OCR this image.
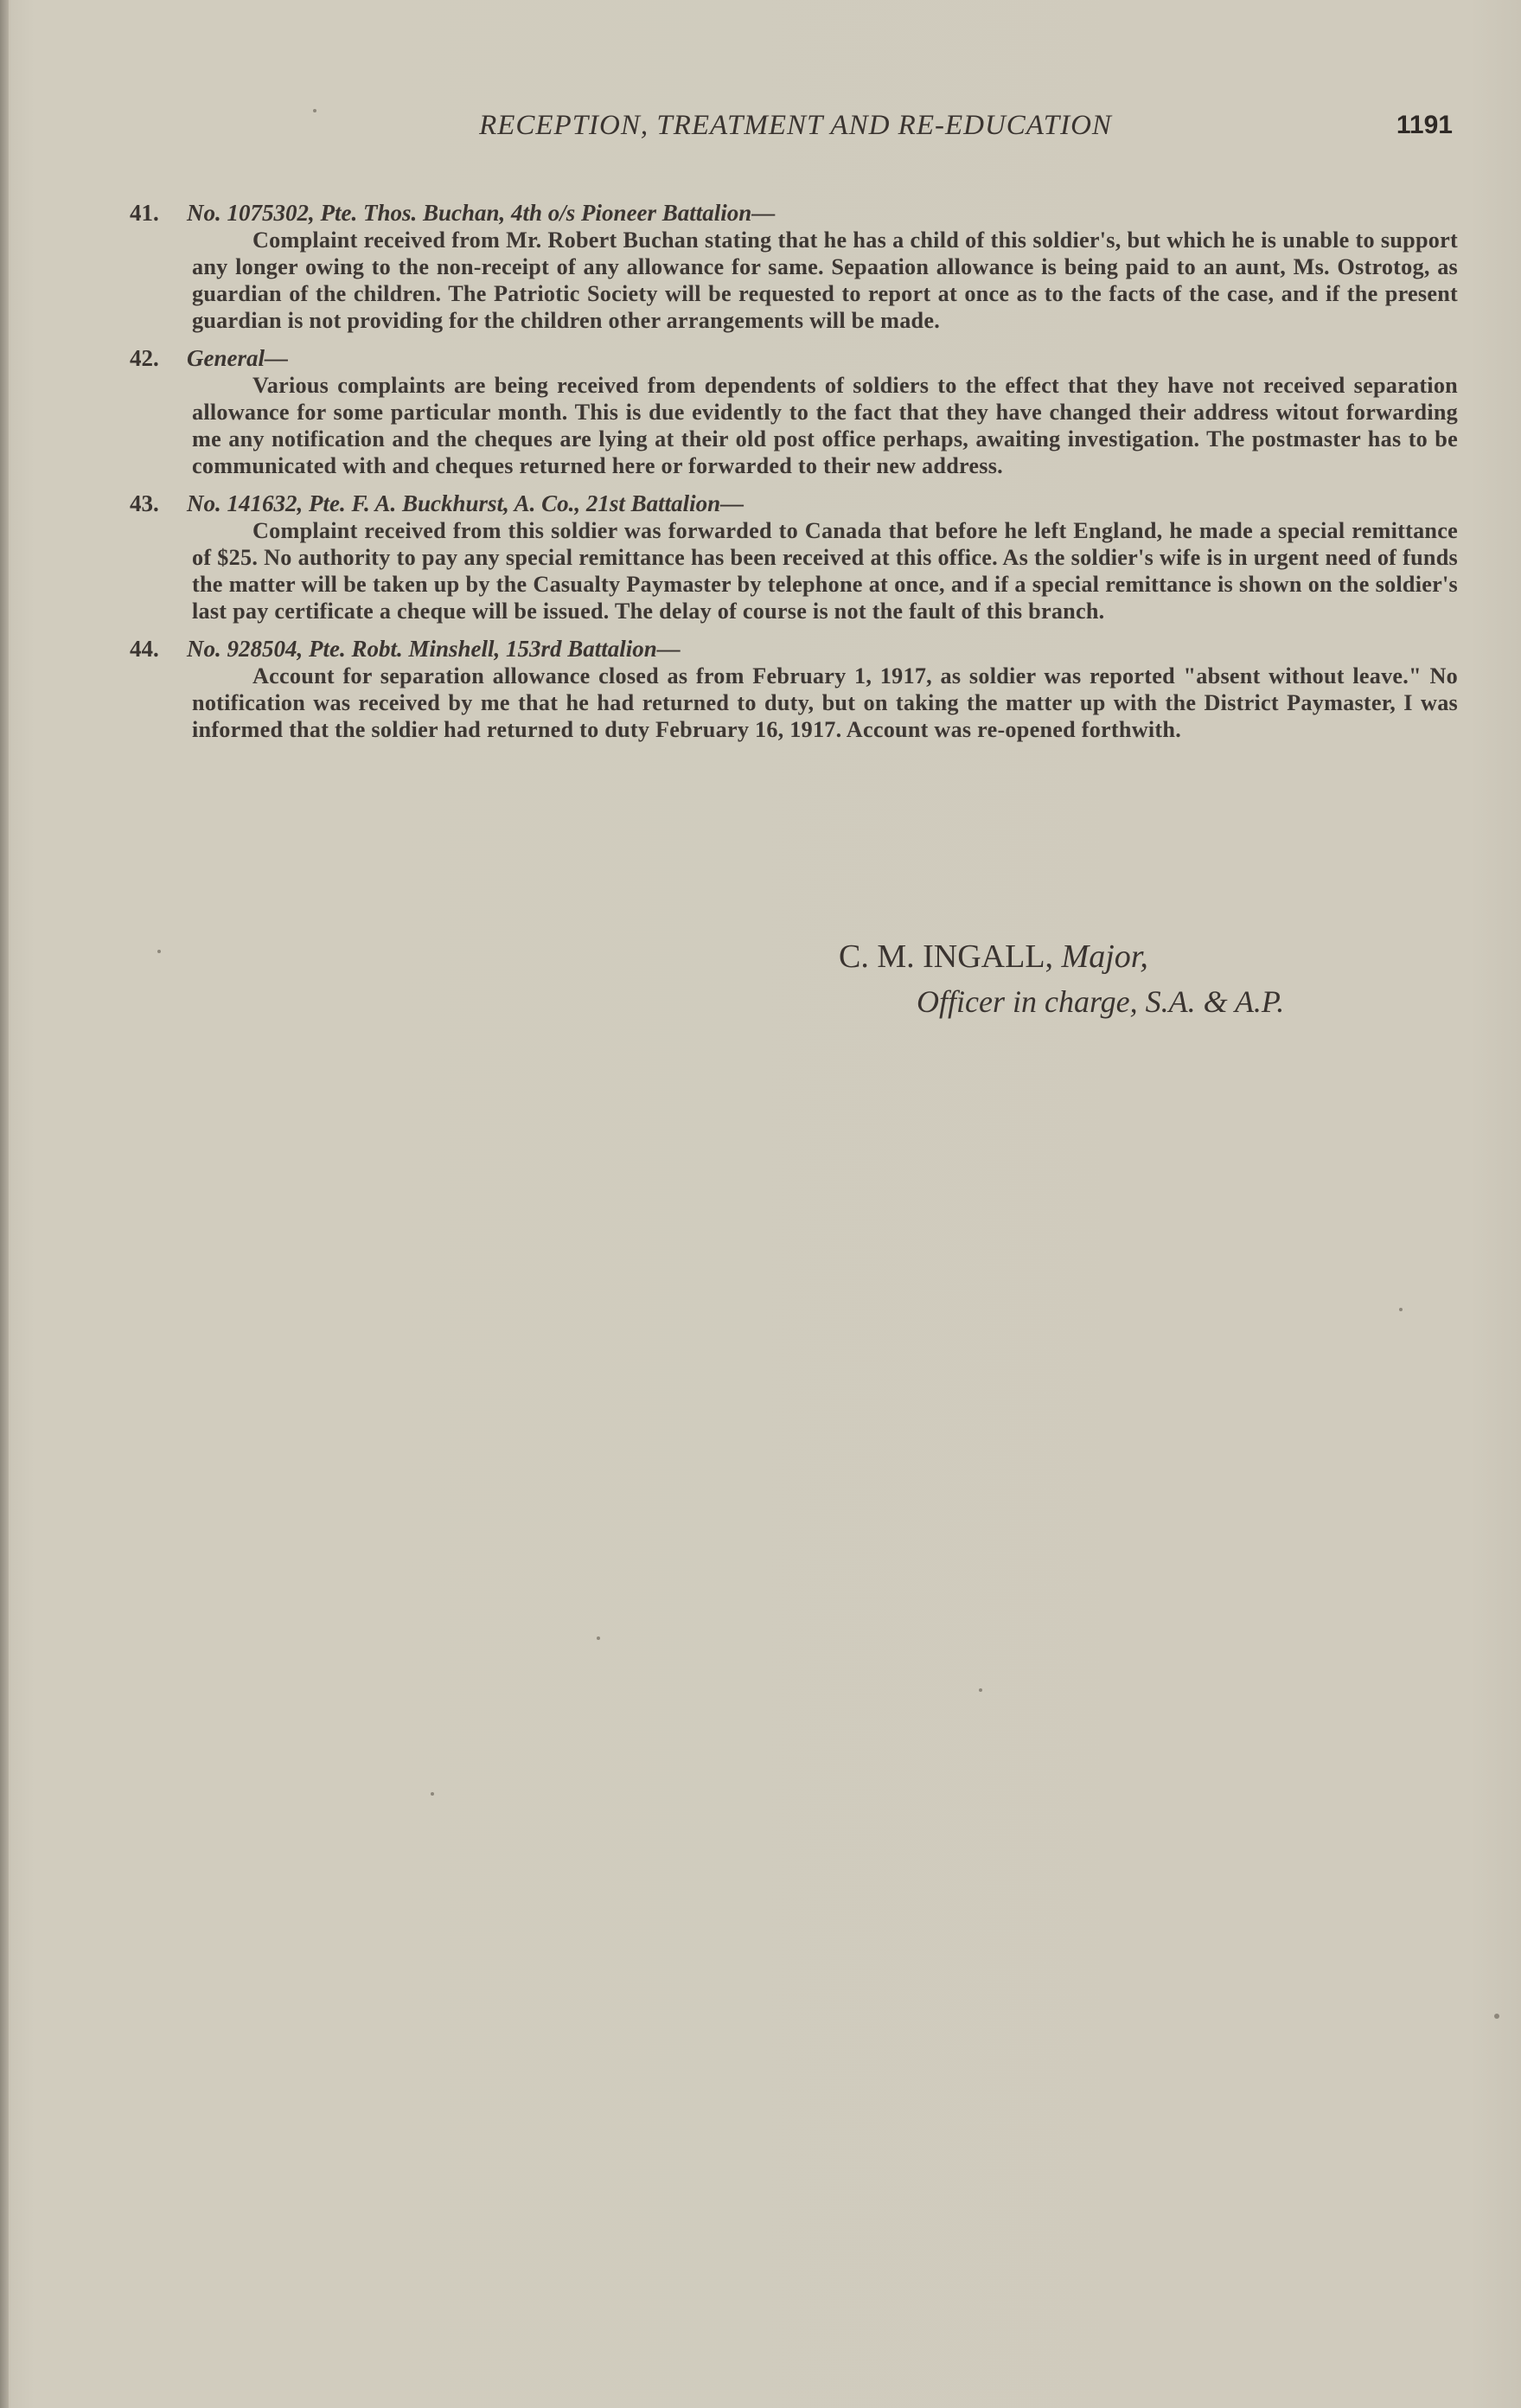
RECEPTION, TREATMENT AND RE-EDUCATION	1191
41. No. 1075302, Pte. Thos. Buchan, 4th o/s Pioneer Battalion—
Complaint received from Mr. Robert Buchan stating that he has a child of this soldier's, but which he is unable to support any longer owing to the non-receipt of any allowance for same. Sepaation allowance is being paid to an aunt, Ms. Ostrotog, as guardian of the children. The Patriotic Society will be requested to report at once as to the facts of the case, and if the present guardian is not providing for the children other arrangements will be made.
42. General—
Various complaints are being received from dependents of soldiers to the effect that they have not received separation allowance for some particular month. This is due evidently to the fact that they have changed their address witout forwarding me any notification and the cheques are lying at their old post office perhaps, awaiting investigation. The postmaster has to be communicated with and cheques returned here or forwarded to their new address.
43. No. 141632, Pte. F. A. Buckhurst, A. Co., 21st Battalion—
Complaint received from this soldier was forwarded to Canada that before he left England, he made a special remittance of $25. No authority to pay any special remittance has been received at this office. As the soldier's wife is in urgent need of funds the matter will be taken up by the Casualty Paymaster by telephone at once, and if a special remittance is shown on the soldier's last pay certificate a cheque will be issued. The delay of course is not the fault of this branch.
44. No. 928504, Pte. Robt. Minshell, 153rd Battalion—
Account for separation allowance closed as from February 1, 1917, as soldier was reported "absent without leave." No notification was received by me that he had returned to duty, but on taking the matter up with the District Paymaster, I was informed that the soldier had returned to duty February 16, 1917. Account was re-opened forthwith.
C. M. INGALL, Major,
Officer in charge, S.A. & A.P.
